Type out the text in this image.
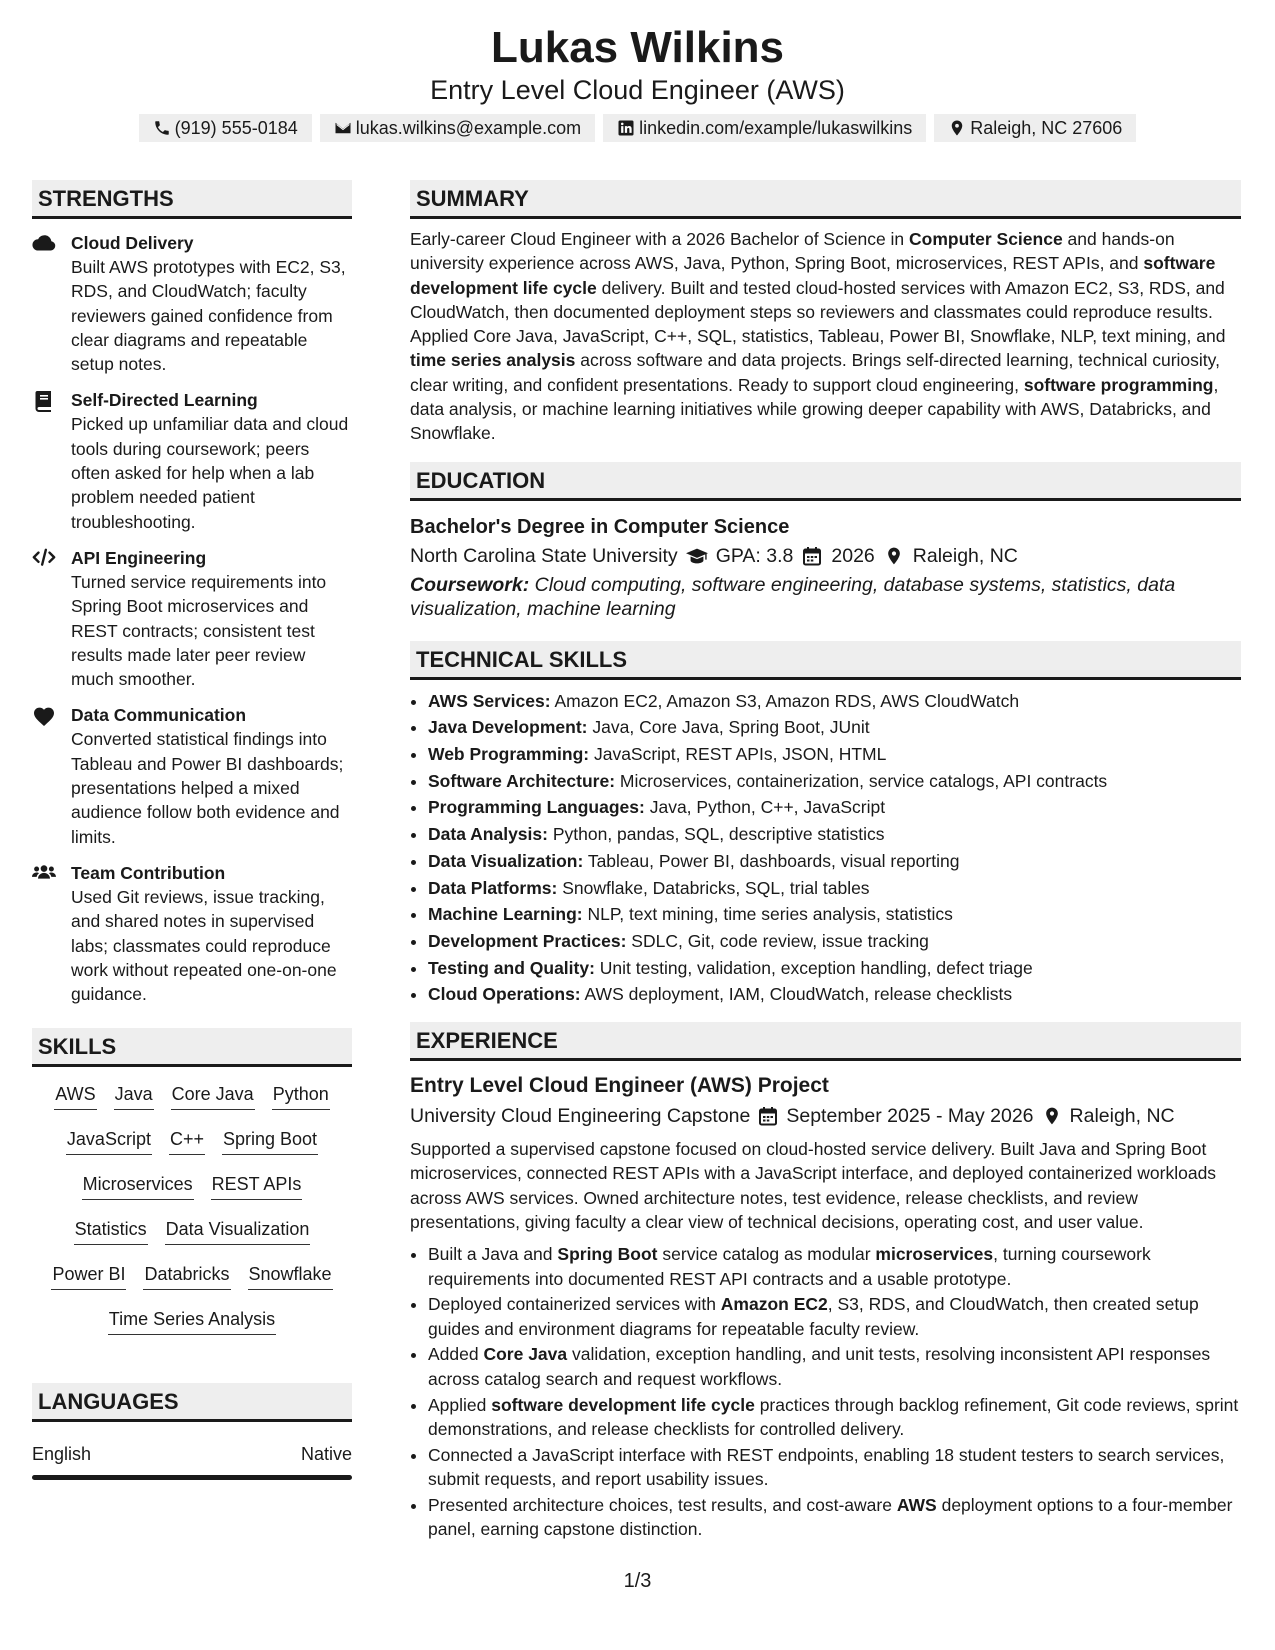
Lukas Wilkins
Entry Level Cloud Engineer (AWS)
(919) 555-0184	lukas.wilkins@example.com	linkedin.com/example/lukaswilkins	Raleigh, NC 27606
STRENGTHS
Cloud Delivery
Built AWS prototypes with EC2, S3, RDS, and CloudWatch; faculty reviewers gained confidence from clear diagrams and repeatable setup notes.
Self-Directed Learning
Picked up unfamiliar data and cloud tools during coursework; peers often asked for help when a lab problem needed patient troubleshooting.
API Engineering
Turned service requirements into Spring Boot microservices and REST contracts; consistent test results made later peer review much smoother.
Data Communication
Converted statistical findings into Tableau and Power BI dashboards; presentations helped a mixed audience follow both evidence and limits.
Team Contribution
Used Git reviews, issue tracking, and shared notes in supervised labs; classmates could reproduce work without repeated one-on-one guidance.
SKILLS
AWS Java Core Java Python
JavaScript C++ Spring Boot
Microservices REST APIs
Statistics Data Visualization
Power BI Databricks Snowflake
Time Series Analysis
LANGUAGES
English	Native
SUMMARY
Early-career Cloud Engineer with a 2026 Bachelor of Science in Computer Science and hands-on university experience across AWS, Java, Python, Spring Boot, microservices, REST APIs, and software development life cycle delivery. Built and tested cloud-hosted services with Amazon EC2, S3, RDS, and CloudWatch, then documented deployment steps so reviewers and classmates could reproduce results. Applied Core Java, JavaScript, C++, SQL, statistics, Tableau, Power BI, Snowflake, NLP, text mining, and time series analysis across software and data projects. Brings self-directed learning, technical curiosity, clear writing, and confident presentations. Ready to support cloud engineering, software programming, data analysis, or machine learning initiatives while growing deeper capability with AWS, Databricks, and Snowflake.
EDUCATION
Bachelor's Degree in Computer Science
North Carolina State University GPA: 3.8 2026 Raleigh, NC
Coursework: Cloud computing, software engineering, database systems, statistics, data visualization, machine learning
TECHNICAL SKILLS
• AWS Services: Amazon EC2, Amazon S3, Amazon RDS, AWS CloudWatch
• Java Development: Java, Core Java, Spring Boot, JUnit
• Web Programming: JavaScript, REST APIs, JSON, HTML
• Software Architecture: Microservices, containerization, service catalogs, API contracts
• Programming Languages: Java, Python, C++, JavaScript
• Data Analysis: Python, pandas, SQL, descriptive statistics
• Data Visualization: Tableau, Power BI, dashboards, visual reporting
• Data Platforms: Snowflake, Databricks, SQL, trial tables
• Machine Learning: NLP, text mining, time series analysis, statistics
• Development Practices: SDLC, Git, code review, issue tracking
• Testing and Quality: Unit testing, validation, exception handling, defect triage
• Cloud Operations: AWS deployment, IAM, CloudWatch, release checklists
EXPERIENCE
Entry Level Cloud Engineer (AWS) Project
University Cloud Engineering Capstone September 2025 - May 2026 Raleigh, NC
Supported a supervised capstone focused on cloud-hosted service delivery. Built Java and Spring Boot microservices, connected REST APIs with a JavaScript interface, and deployed containerized workloads across AWS services. Owned architecture notes, test evidence, release checklists, and review presentations, giving faculty a clear view of technical decisions, operating cost, and user value.
• Built a Java and Spring Boot service catalog as modular microservices, turning coursework requirements into documented REST API contracts and a usable prototype.
• Deployed containerized services with Amazon EC2, S3, RDS, and CloudWatch, then created setup guides and environment diagrams for repeatable faculty review.
• Added Core Java validation, exception handling, and unit tests, resolving inconsistent API responses across catalog search and request workflows.
• Applied software development life cycle practices through backlog refinement, Git code reviews, sprint demonstrations, and release checklists for controlled delivery.
• Connected a JavaScript interface with REST endpoints, enabling 18 student testers to search services, submit requests, and report usability issues.
• Presented architecture choices, test results, and cost-aware AWS deployment options to a four-member panel, earning capstone distinction.
1/3
